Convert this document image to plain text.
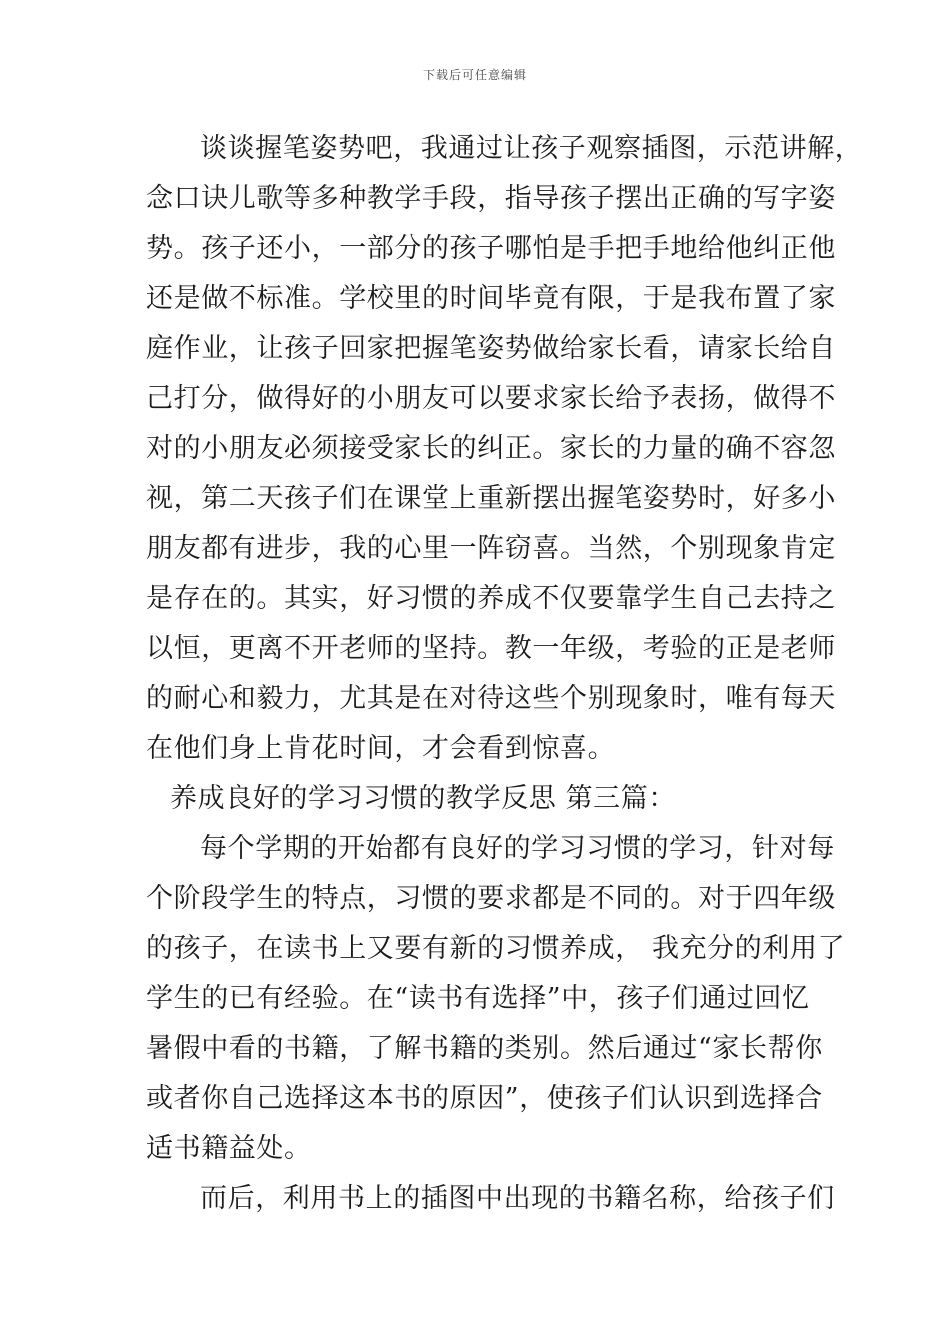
下载后可任意编辑
谈谈握笔姿势吧，我通过让孩子观察插图，示范讲解，
念口诀儿歌等多种教学手段，指导孩子摆出正确的写字姿
势。孩子还小，一部分的孩子哪怕是手把手地给他纠正他
还是做不标准。学校里的时间毕竟有限，于是我布置了家
庭作业，让孩子回家把握笔姿势做给家长看，请家长给自
己打分，做得好的小朋友可以要求家长给予表扬，做得不
对的小朋友必须接受家长的纠正。家长的力量的确不容忽
视，第二天孩子们在课堂上重新摆出握笔姿势时，好多小
朋友都有进步，我的心里一阵窃喜。当然，个别现象肯定
是存在的。其实，好习惯的养成不仅要靠学生自己去持之
以恒，更离不开老师的坚持。教一年级，考验的正是老师
的耐心和毅力，尤其是在对待这些个别现象时，唯有每天
在他们身上肯花时间，才会看到惊喜。
养成良好的学习习惯的教学反思 第三篇：
每个学期的开始都有良好的学习习惯的学习，针对每
个阶段学生的特点，习惯的要求都是不同的。对于四年级
的孩子，在读书上又要有新的习惯养成， 我充分的利用了
学生的已有经验。在“读书有选择”中，孩子们通过回忆
暑假中看的书籍，了解书籍的类别。然后通过“家长帮你
或者你自己选择这本书的原因”，使孩子们认识到选择合
适书籍益处。
而后，利用书上的插图中出现的书籍名称，给孩子们
